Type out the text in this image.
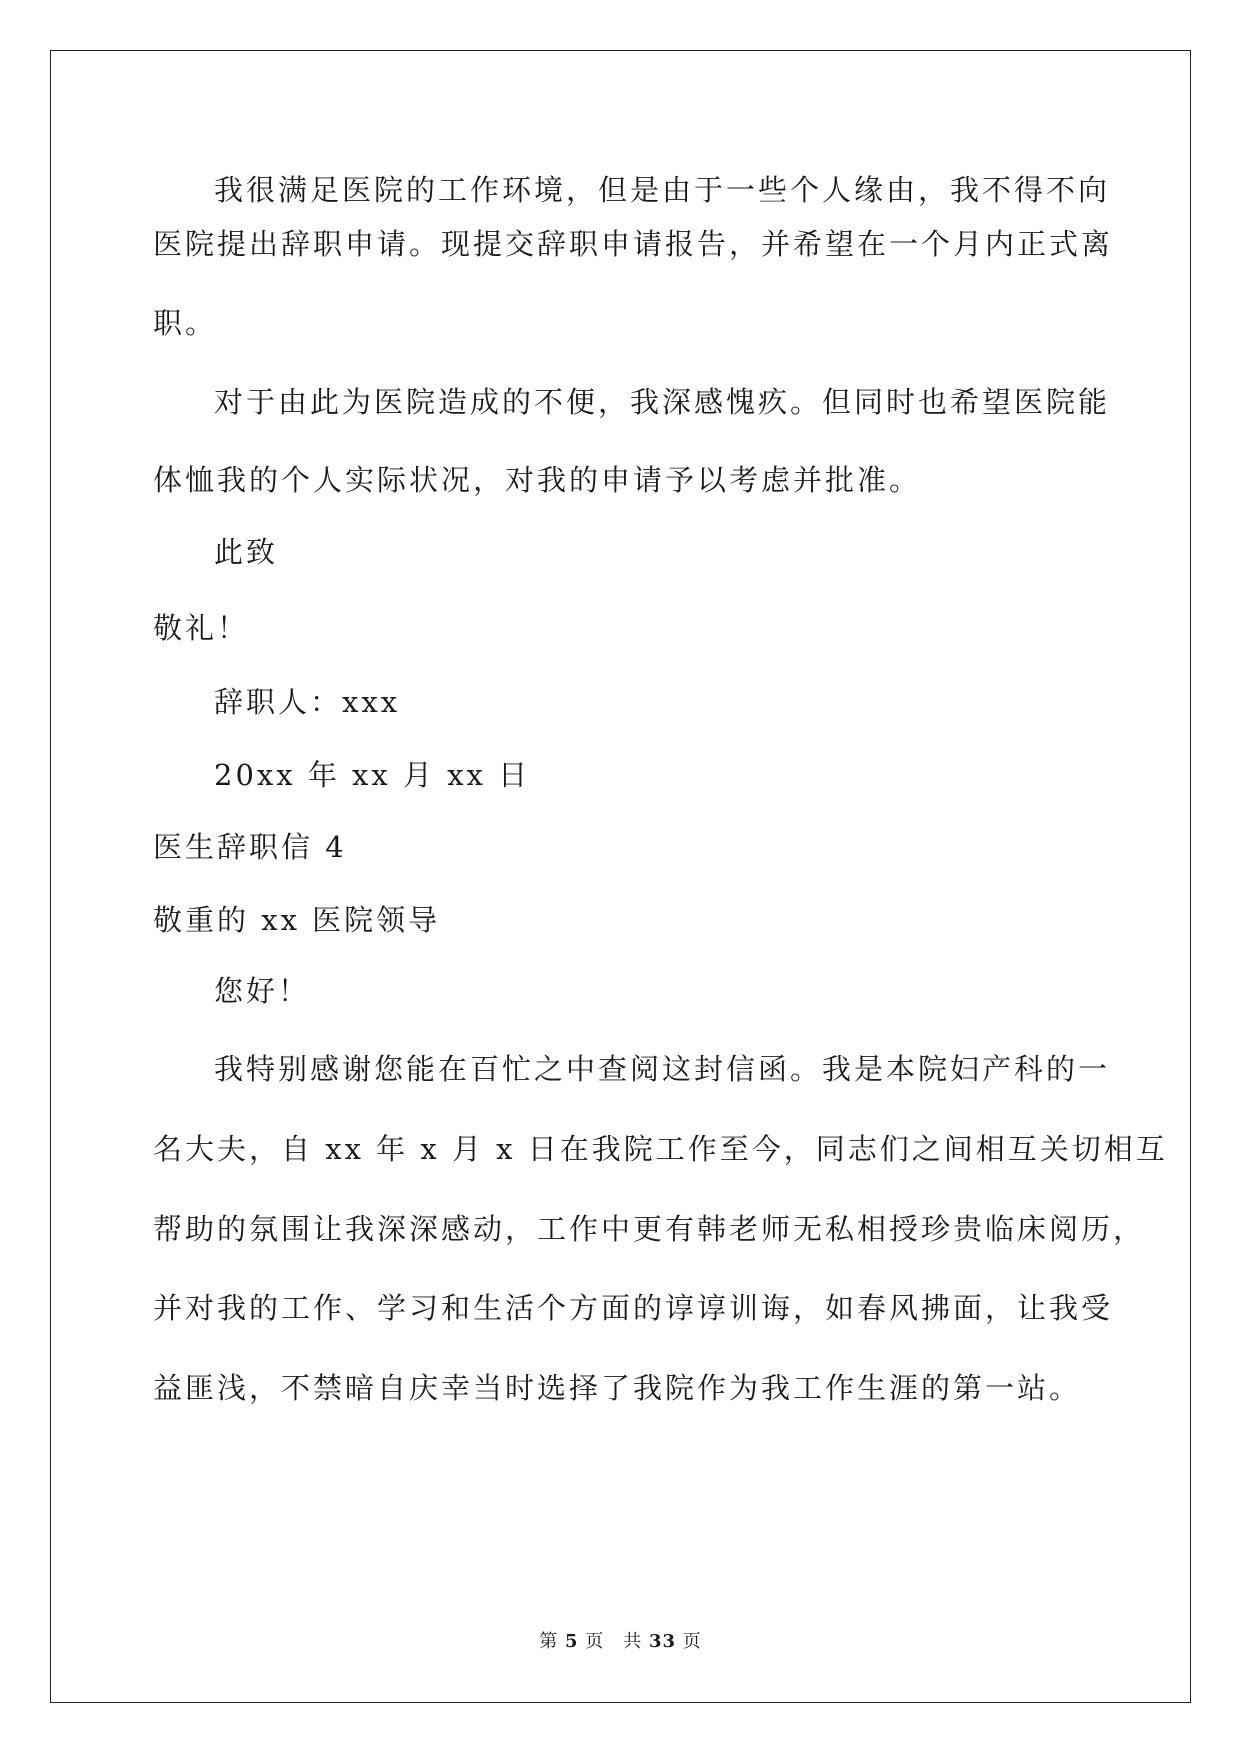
我很满足医院的工作环境，但是由于一些个人缘由，我不得不向
医院提出辞职申请。现提交辞职申请报告，并希望在一个月内正式离
职。
对于由此为医院造成的不便，我深感愧疚。但同时也希望医院能
体恤我的个人实际状况，对我的申请予以考虑并批准。
此致
敬礼！
辞职人：xxx
20xx 年 xx 月 xx 日
医生辞职信 4
敬重的 xx 医院领导
您好！
我特别感谢您能在百忙之中查阅这封信函。我是本院妇产科的一
名大夫，自 xx 年 x 月 x 日在我院工作至今，同志们之间相互关切相互
帮助的氛围让我深深感动，工作中更有韩老师无私相授珍贵临床阅历，
并对我的工作、学习和生活个方面的谆谆训诲，如春风拂面，让我受
益匪浅，不禁暗自庆幸当时选择了我院作为我工作生涯的第一站。
第 5 页　共 33 页
